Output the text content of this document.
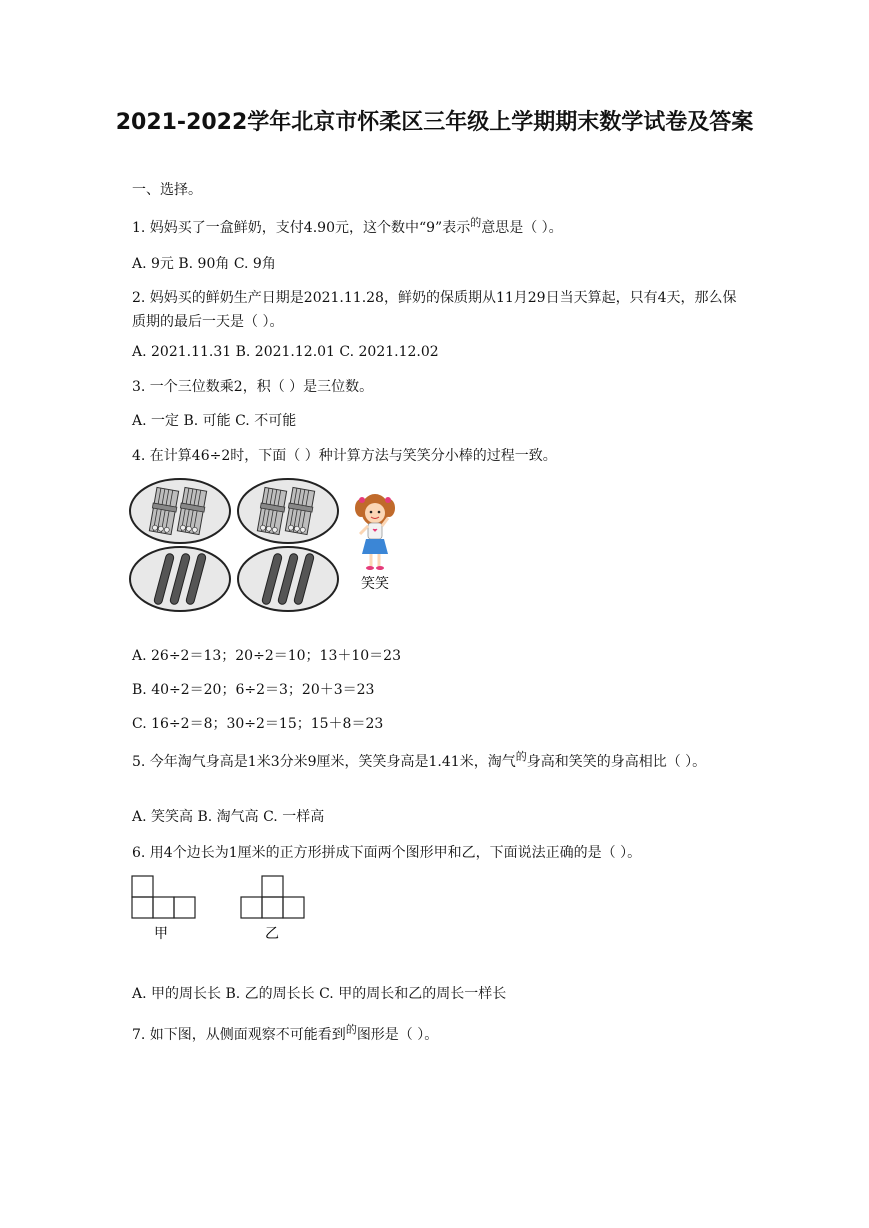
2021-2022学年北京市怀柔区三年级上学期期末数学试卷及答案
一、选择。
1. 妈妈买了一盒鲜奶，支付4.90元，这个数中“9”表示$^的$意思是（ ）。
A. 9元 B. 90角 C. 9角
2. 妈妈买的鲜奶生产日期是2021.11.28，鲜奶的保质期从11月29日当天算起，只有4天，那么保质期的最后一天是（ ）。
A. 2021.11.31 B. 2021.12.01 C. 2021.12.02
3. 一个三位数乘2，积（ ）是三位数。
A. 一定 B. 可能 C. 不可能
4. 在计算46÷2时，下面（ ）种计算方法与笑笑分小棒的过程一致。
笑笑
A. 26÷2＝13；20÷2＝10；13＋10＝23
B. 40÷2＝20；6÷2＝3；20＋3＝23
C. 16÷2＝8；30÷2＝15；15＋8＝23
5. 今年淘气身高是1米3分米9厘米，笑笑身高是1.41米，淘气$^的$身高和笑笑的身高相比（ ）。
A. 笑笑高 B. 淘气高 C. 一样高
6. 用4个边长为1厘米的正方形拼成下面两个图形甲和乙，下面说法正确的是（ ）。
甲	乙
A. 甲的周长长 B. 乙的周长长 C. 甲的周长和乙的周长一样长
7. 如下图，从侧面观察不可能看到$^的$图形是（ ）。
